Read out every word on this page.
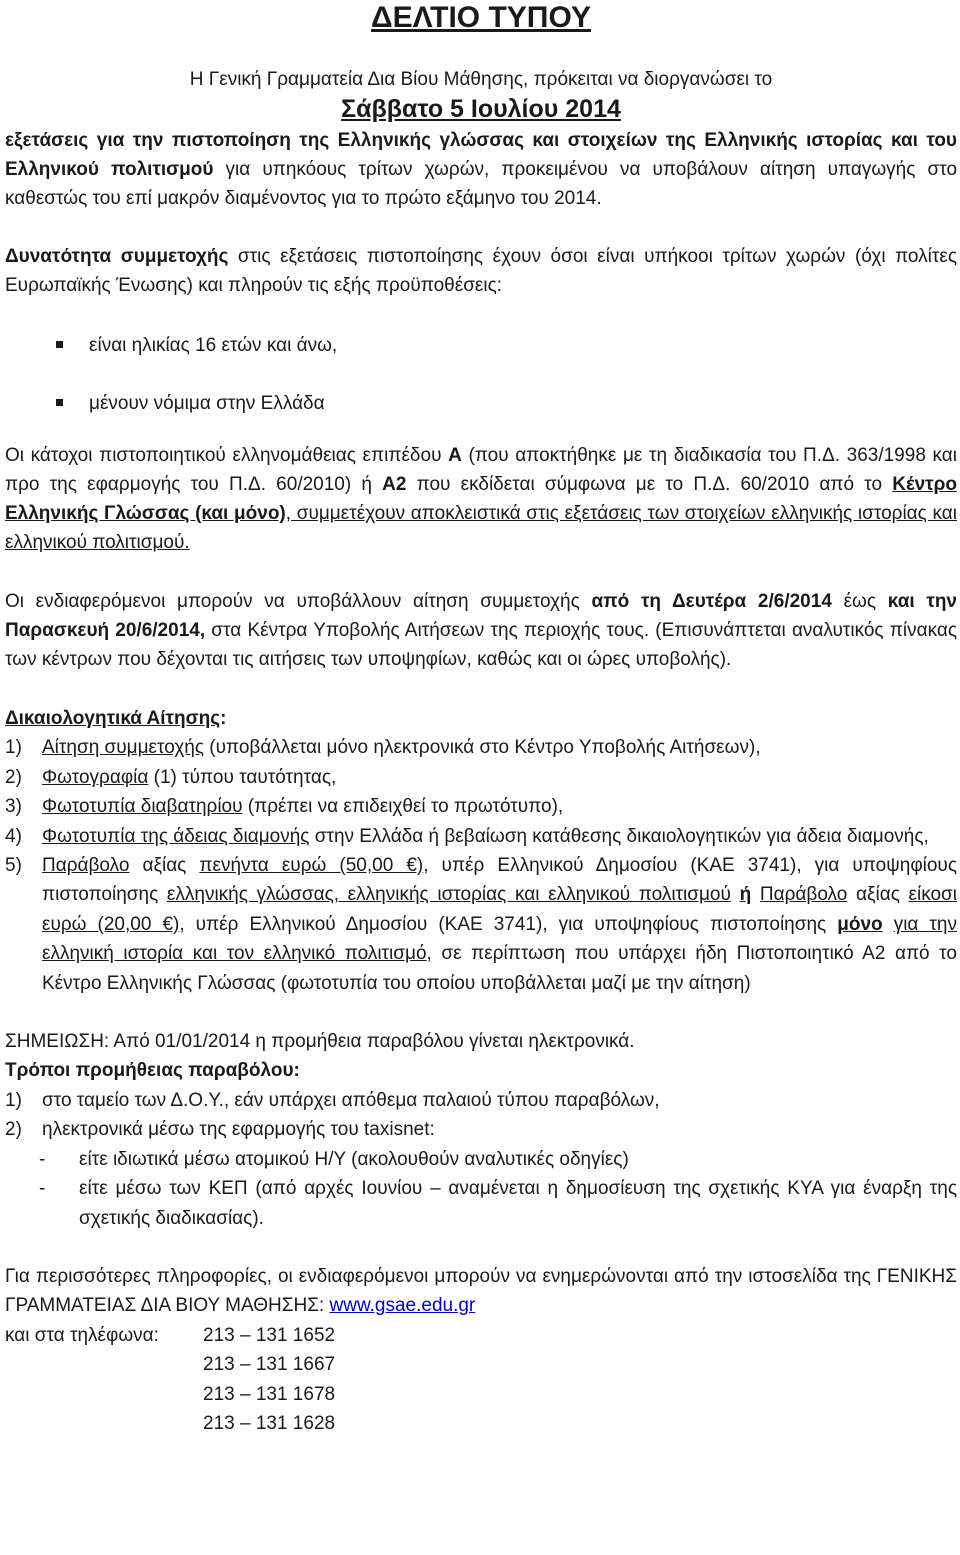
ΔΕΛΤΙΟ ΤΥΠΟΥ
Η Γενική Γραμματεία Δια Βίου Μάθησης, πρόκειται να διοργανώσει το
Σάββατο 5 Ιουλίου 2014

εξετάσεις για την πιστοποίηση της Ελληνικής γλώσσας και στοιχείων της Ελληνικής ιστορίας και του Ελληνικού πολιτισμού για υπηκόους τρίτων χωρών, προκειμένου να υποβάλουν αίτηση υπαγωγής στο καθεστώς του επί μακρόν διαμένοντος για το πρώτο εξάμηνο του 2014.

Δυνατότητα συμμετοχής στις εξετάσεις πιστοποίησης έχουν όσοι είναι υπήκοοι τρίτων χωρών (όχι πολίτες Ευρωπαϊκής Ένωσης) και πληρούν τις εξής προϋποθέσεις:

είναι ηλικίας 16 ετών και άνω,
μένουν νόμιμα στην Ελλάδα

Οι κάτοχοι πιστοποιητικού ελληνομάθειας επιπέδου Α (που αποκτήθηκε με τη διαδικασία του Π.Δ. 363/1998 και προ της εφαρμογής του Π.Δ. 60/2010) ή Α2 που εκδίδεται σύμφωνα με το Π.Δ. 60/2010 από το Κέντρο Ελληνικής Γλώσσας (και μόνο), συμμετέχουν αποκλειστικά στις εξετάσεις των στοιχείων ελληνικής ιστορίας και ελληνικού πολιτισμού.

Οι ενδιαφερόμενοι μπορούν να υποβάλλουν αίτηση συμμετοχής από τη Δευτέρα 2/6/2014 έως και την Παρασκευή 20/6/2014, στα Κέντρα Υποβολής Αιτήσεων της περιοχής τους. (Επισυνάπτεται αναλυτικός πίνακας των κέντρων που δέχονται τις αιτήσεις των υποψηφίων, καθώς και οι ώρες υποβολής).

Δικαιολογητικά Αίτησης:
1) Αίτηση συμμετοχής (υποβάλλεται μόνο ηλεκτρονικά στο Κέντρο Υποβολής Αιτήσεων),
2) Φωτογραφία (1) τύπου ταυτότητας,
3) Φωτοτυπία διαβατηρίου (πρέπει να επιδειχθεί το πρωτότυπο),
4) Φωτοτυπία της άδειας διαμονής στην Ελλάδα ή βεβαίωση κατάθεσης δικαιολογητικών για άδεια διαμονής,
5) Παράβολο αξίας πενήντα ευρώ (50,00 €), υπέρ Ελληνικού Δημοσίου (ΚΑΕ 3741), για υποψηφίους πιστοποίησης ελληνικής γλώσσας, ελληνικής ιστορίας και ελληνικού πολιτισμού ή Παράβολο αξίας είκοσι ευρώ (20,00 €), υπέρ Ελληνικού Δημοσίου (ΚΑΕ 3741), για υποψηφίους πιστοποίησης μόνο για την ελληνική ιστορία και τον ελληνικό πολιτισμό, σε περίπτωση που υπάρχει ήδη Πιστοποιητικό Α2 από το Κέντρο Ελληνικής Γλώσσας (φωτοτυπία του οποίου υποβάλλεται μαζί με την αίτηση)
ΣΗΜΕΙΩΣΗ: Από 01/01/2014 η προμήθεια παραβόλου γίνεται ηλεκτρονικά.
Τρόποι προμήθειας παραβόλου:
1) στο ταμείο των Δ.Ο.Υ., εάν υπάρχει απόθεμα παλαιού τύπου παραβόλων,
2) ηλεκτρονικά μέσω της εφαρμογής του taxisnet:
- είτε ιδιωτικά μέσω ατομικού Η/Υ (ακολουθούν αναλυτικές οδηγίες)
- είτε μέσω των ΚΕΠ (από αρχές Ιουνίου – αναμένεται η δημοσίευση της σχετικής ΚΥΑ για έναρξη της σχετικής διαδικασίας).

Για περισσότερες πληροφορίες, οι ενδιαφερόμενοι μπορούν να ενημερώνονται από την ιστοσελίδα της ΓΕΝΙΚΗΣ ΓΡΑΜΜΑΤΕΙΑΣ ΔΙΑ ΒΙΟΥ ΜΑΘΗΣΗΣ: www.gsae.edu.gr

και στα τηλέφωνα: 213 – 131 1652
213 – 131 1667
213 – 131 1678
213 – 131 1628
